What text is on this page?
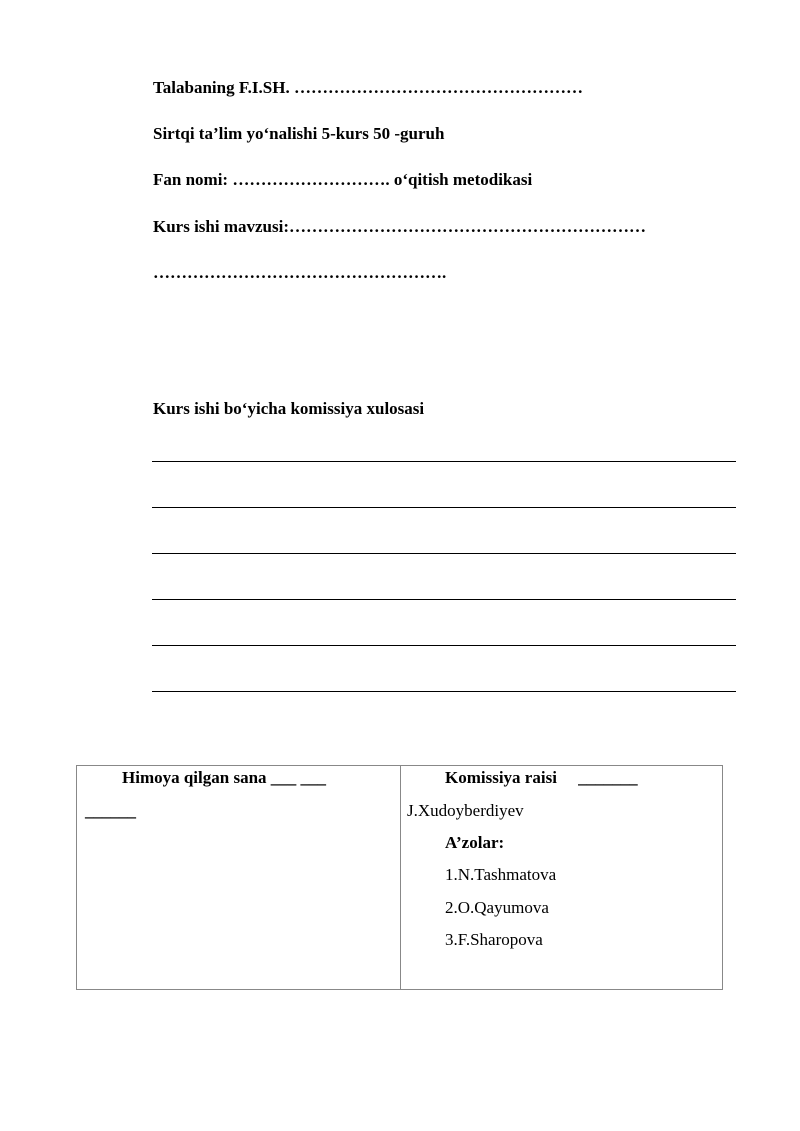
Talabaning F.I.SH. ……………………………………………
Sirtqi ta’lim yo‘nalishi 5-kurs 50 -guruh
Fan nomi: ………………………. o‘qitish metodikasi
Kurs ishi mavzusi:………………………………………………………
…………………………………………….
Kurs ishi bo‘yicha komissiya xulosasi
Himoya qilgan sana ___ ___
______
Komissiya raisi _______
J.Xudoyberdiyev
A’zolar:
1.N.Tashmatova
2.O.Qayumova
3.F.Sharopova
